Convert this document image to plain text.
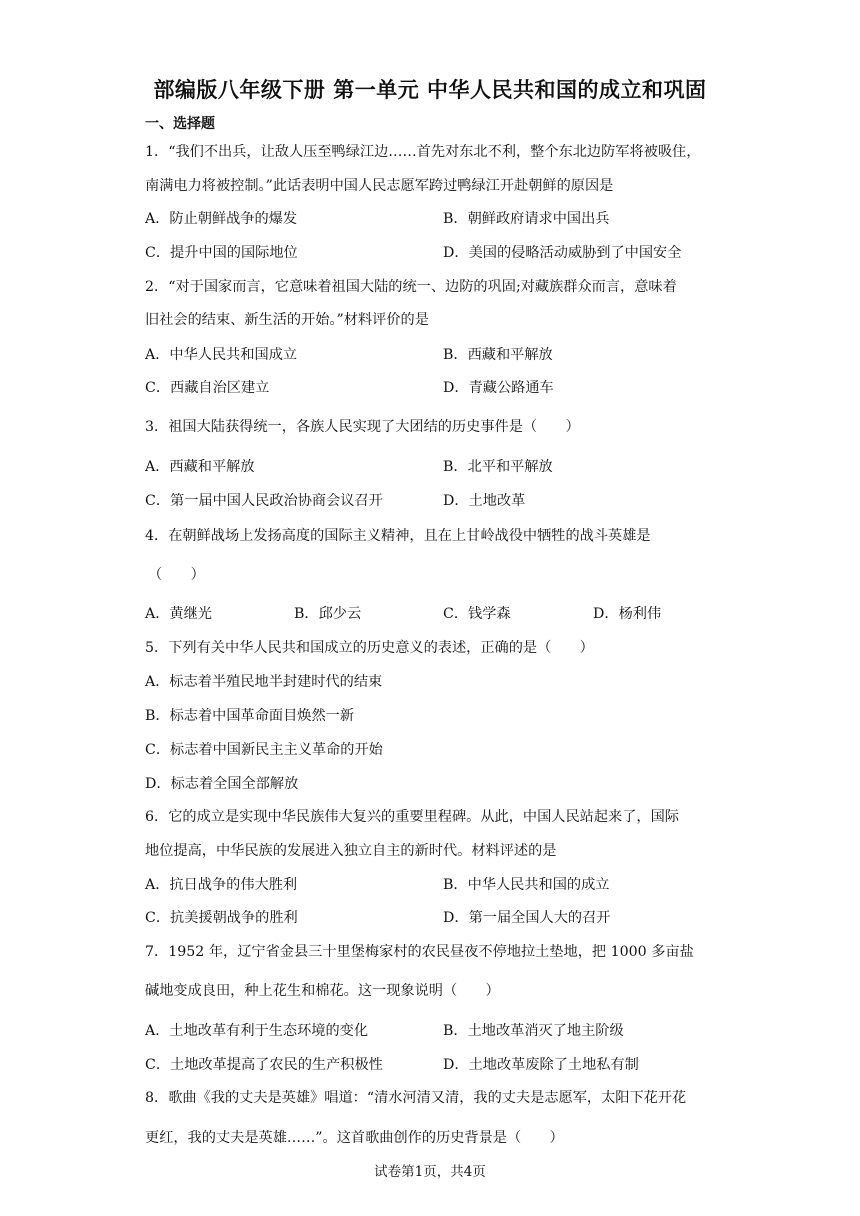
部编版八年级下册 第一单元 中华人民共和国的成立和巩固
一、选择题
1．“我们不出兵，让敌人压至鸭绿江边……首先对东北不利，整个东北边防军将被吸住，
南满电力将被控制。”此话表明中国人民志愿军跨过鸭绿江开赴朝鲜的原因是
A．防止朝鲜战争的爆发	B．朝鲜政府请求中国出兵
C．提升中国的国际地位	D．美国的侵略活动威胁到了中国安全
2．“对于国家而言，它意味着祖国大陆的统一、边防的巩固;对藏族群众而言，意味着
旧社会的结束、新生活的开始。”材料评价的是
A．中华人民共和国成立	B．西藏和平解放
C．西藏自治区建立	D．青藏公路通车
3．祖国大陆获得统一，各族人民实现了大团结的历史事件是（　　）
A．西藏和平解放	B．北平和平解放
C．第一届中国人民政治协商会议召开	D．土地改革
4．在朝鲜战场上发扬高度的国际主义精神，且在上甘岭战役中牺牲的战斗英雄是
（　　）
A．黄继光	B．邱少云	C．钱学森	D．杨利伟
5．下列有关中华人民共和国成立的历史意义的表述，正确的是（　　）
A．标志着半殖民地半封建时代的结束
B．标志着中国革命面目焕然一新
C．标志着中国新民主主义革命的开始
D．标志着全国全部解放
6．它的成立是实现中华民族伟大复兴的重要里程碑。从此，中国人民站起来了，国际
地位提高，中华民族的发展进入独立自主的新时代。材料评述的是
A．抗日战争的伟大胜利	B．中华人民共和国的成立
C．抗美援朝战争的胜利	D．第一届全国人大的召开
7．1952 年，辽宁省金县三十里堡梅家村的农民昼夜不停地拉土垫地，把 1000 多亩盐
碱地变成良田，种上花生和棉花。这一现象说明（　　）
A．土地改革有利于生态环境的变化	B．土地改革消灭了地主阶级
C．土地改革提高了农民的生产积极性	D．土地改革废除了土地私有制
8．歌曲《我的丈夫是英雄》唱道：“清水河清又清，我的丈夫是志愿军，太阳下花开花
更红，我的丈夫是英雄……”。这首歌曲创作的历史背景是（　　）
试卷第1页，共4页
